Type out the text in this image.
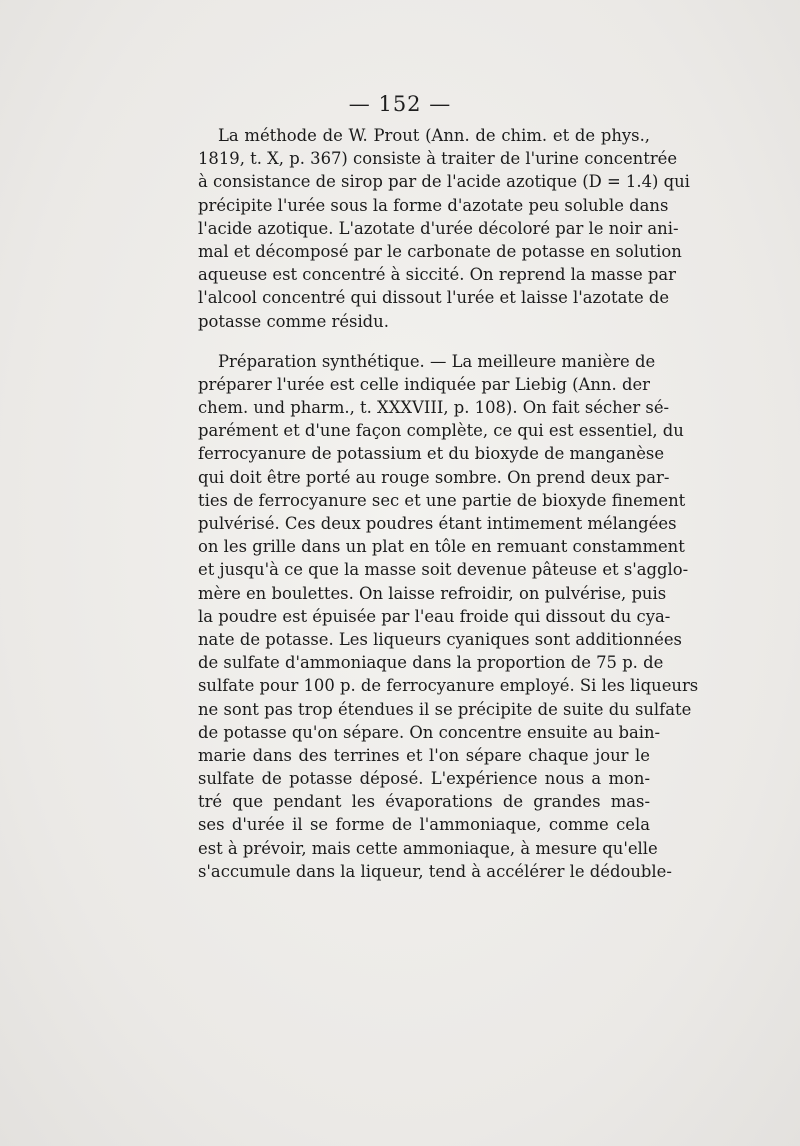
— 152 —
La méthode de W. Prout (Ann. de chim. et de phys.,
1819, t. X, p. 367) consiste à traiter de l'urine concentrée
à consistance de sirop par de l'acide azotique (D = 1.4) qui
précipite l'urée sous la forme d'azotate peu soluble dans
l'acide azotique. L'azotate d'urée décoloré par le noir ani-
mal et décomposé par le carbonate de potasse en solution
aqueuse est concentré à siccité. On reprend la masse par
l'alcool concentré qui dissout l'urée et laisse l'azotate de
potasse comme résidu.
Préparation synthétique. — La meilleure manière de
préparer l'urée est celle indiquée par Liebig (Ann. der
chem. und pharm., t. XXXVIII, p. 108). On fait sécher sé-
parément et d'une façon complète, ce qui est essentiel, du
ferrocyanure de potassium et du bioxyde de manganèse
qui doit être porté au rouge sombre. On prend deux par-
ties de ferrocyanure sec et une partie de bioxyde finement
pulvérisé. Ces deux poudres étant intimement mélangées
on les grille dans un plat en tôle en remuant constamment
et jusqu'à ce que la masse soit devenue pâteuse et s'agglo-
mère en boulettes. On laisse refroidir, on pulvérise, puis
la poudre est épuisée par l'eau froide qui dissout du cya-
nate de potasse. Les liqueurs cyaniques sont additionnées
de sulfate d'ammoniaque dans la proportion de 75 p. de
sulfate pour 100 p. de ferrocyanure employé. Si les liqueurs
ne sont pas trop étendues il se précipite de suite du sulfate
de potasse qu'on sépare. On concentre ensuite au bain-
marie dans des terrines et l'on sépare chaque jour le
sulfate de potasse déposé. L'expérience nous a mon-
tré que pendant les évaporations de grandes mas-
ses d'urée il se forme de l'ammoniaque, comme cela
est à prévoir, mais cette ammoniaque, à mesure qu'elle
s'accumule dans la liqueur, tend à accélérer le dédouble-
